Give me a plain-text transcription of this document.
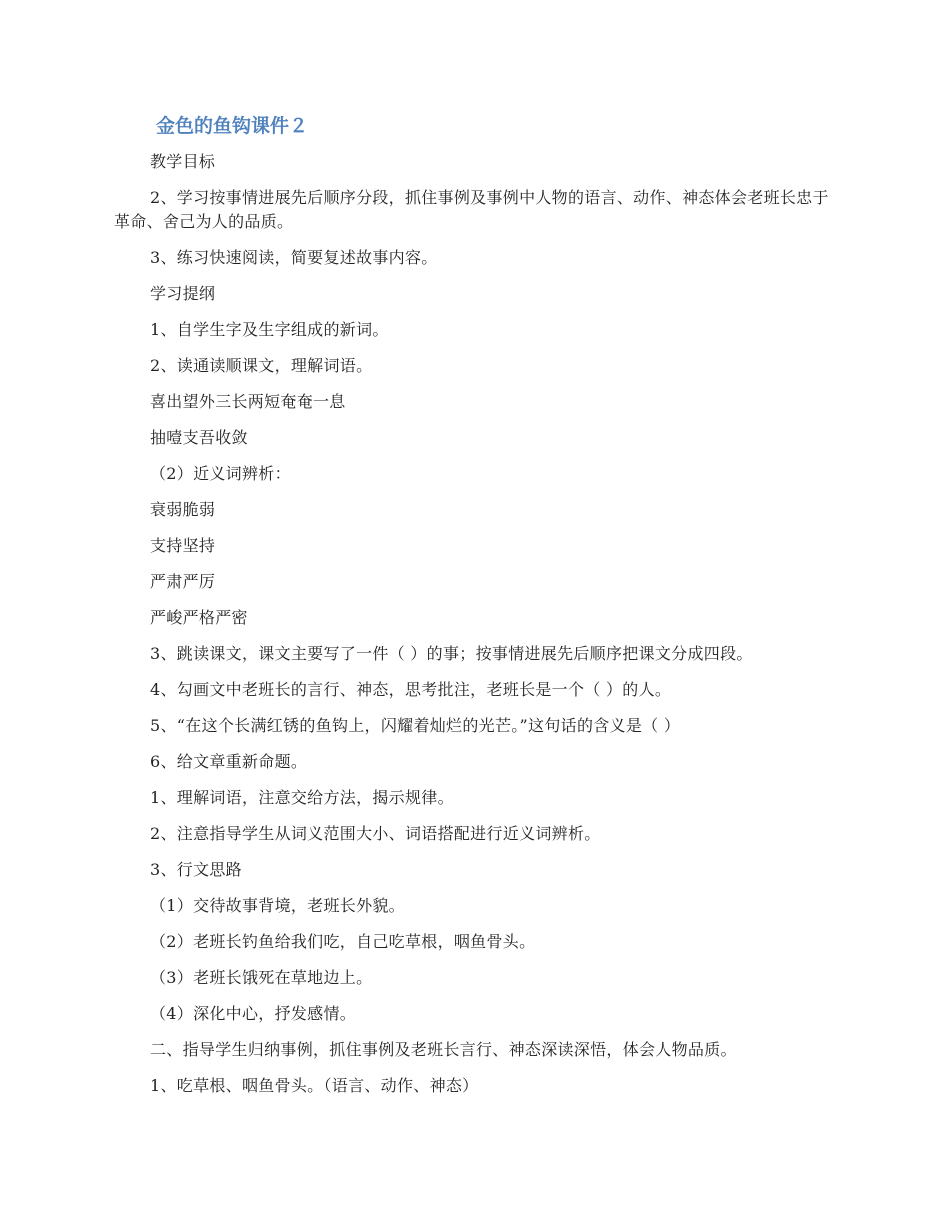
金色的鱼钩课件２

教学目标

2、学习按事情进展先后顺序分段，抓住事例及事例中人物的语言、动作、神态体会老班长忠于革命、舍己为人的品质。

3、练习快速阅读，简要复述故事内容。

学习提纲

1、自学生字及生字组成的新词。

2、读通读顺课文，理解词语。

喜出望外三长两短奄奄一息

抽噎支吾收敛

（2）近义词辨析：

衰弱脆弱

支持坚持

严肃严厉

严峻严格严密

3、跳读课文，课文主要写了一件（ ）的事；按事情进展先后顺序把课文分成四段。

4、勾画文中老班长的言行、神态，思考批注，老班长是一个（ ）的人。

5、“在这个长满红锈的鱼钩上，闪耀着灿烂的光芒。”这句话的含义是（ ）

6、给文章重新命题。

1、理解词语，注意交给方法，揭示规律。

2、注意指导学生从词义范围大小、词语搭配进行近义词辨析。

3、行文思路

（1）交待故事背境，老班长外貌。

（2）老班长钓鱼给我们吃，自己吃草根，咽鱼骨头。

（3）老班长饿死在草地边上。

（4）深化中心，抒发感情。

二、指导学生归纳事例，抓住事例及老班长言行、神态深读深悟，体会人物品质。

1、吃草根、咽鱼骨头。（语言、动作、神态）
